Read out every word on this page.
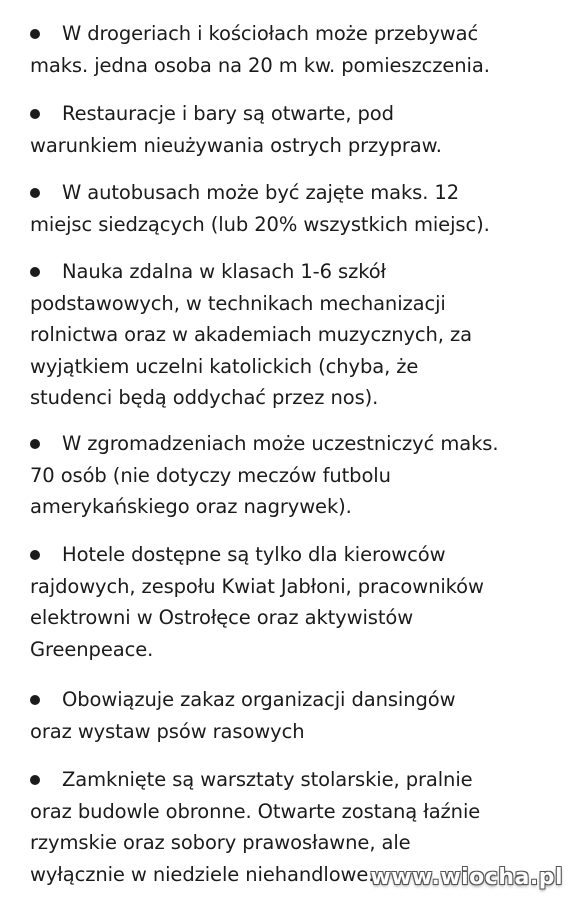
W drogeriach i kościołach może przebywać
maks. jedna osoba na 20 m kw. pomieszczenia.
Restauracje i bary są otwarte, pod
warunkiem nieużywania ostrych przypraw.
W autobusach może być zajęte maks. 12
miejsc siedzących (lub 20% wszystkich miejsc).
Nauka zdalna w klasach 1-6 szkół
podstawowych, w technikach mechanizacji
rolnictwa oraz w akademiach muzycznych, za
wyjątkiem uczelni katolickich (chyba, że
studenci będą oddychać przez nos).
W zgromadzeniach może uczestniczyć maks.
70 osób (nie dotyczy meczów futbolu
amerykańskiego oraz nagrywek).
Hotele dostępne są tylko dla kierowców
rajdowych, zespołu Kwiat Jabłoni, pracowników
elektrowni w Ostrołęce oraz aktywistów
Greenpeace.
Obowiązuje zakaz organizacji dansingów
oraz wystaw psów rasowych
Zamknięte są warsztaty stolarskie, pralnie
oraz budowle obronne. Otwarte zostaną łaźnie
rzymskie oraz sobory prawosławne, ale
wyłącznie w niedziele niehandlowe.
www.wiocha.pl
